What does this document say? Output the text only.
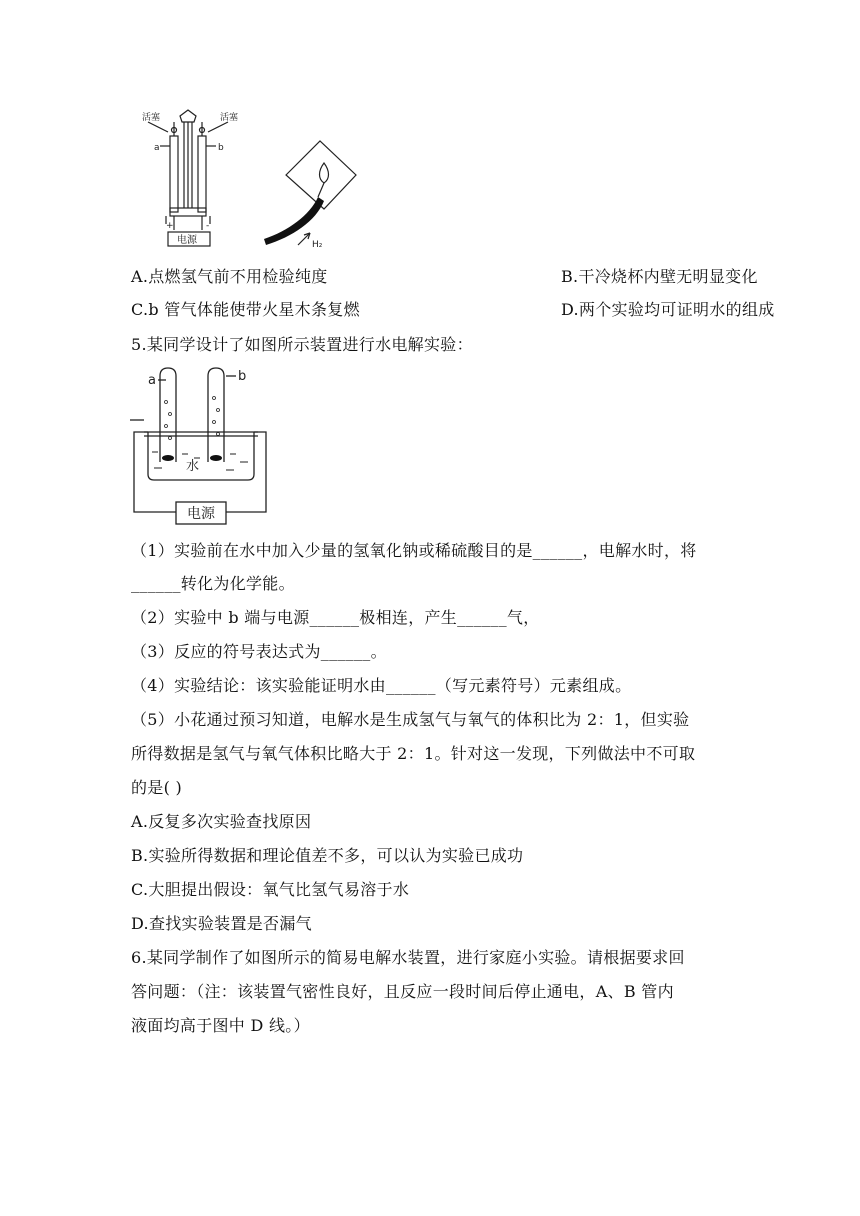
活塞	活塞
a	b
+	-
电源	H₂
A.点燃氢气前不用检验纯度	B.干冷烧杯内壁无明显变化
C.b 管气体能使带火星木条复燃	D.两个实验均可证明水的组成
5.某同学设计了如图所示装置进行水电解实验：
a	b
水
电源
（1）实验前在水中加入少量的氢氧化钠或稀硫酸目的是______，电解水时，将
______转化为化学能。
（2）实验中 b 端与电源______极相连，产生______气，
（3）反应的符号表达式为______。
（4）实验结论：该实验能证明水由______（写元素符号）元素组成。
（5）小花通过预习知道，电解水是生成氢气与氧气的体积比为 2：1，但实验
所得数据是氢气与氧气体积比略大于 2：1。针对这一发现，下列做法中不可取
的是( )
A.反复多次实验查找原因
B.实验所得数据和理论值差不多，可以认为实验已成功
C.大胆提出假设：氧气比氢气易溶于水
D.查找实验装置是否漏气
6.某同学制作了如图所示的简易电解水装置，进行家庭小实验。请根据要求回
答问题：（注：该装置气密性良好，且反应一段时间后停止通电，A、B 管内
液面均高于图中 D 线。）
